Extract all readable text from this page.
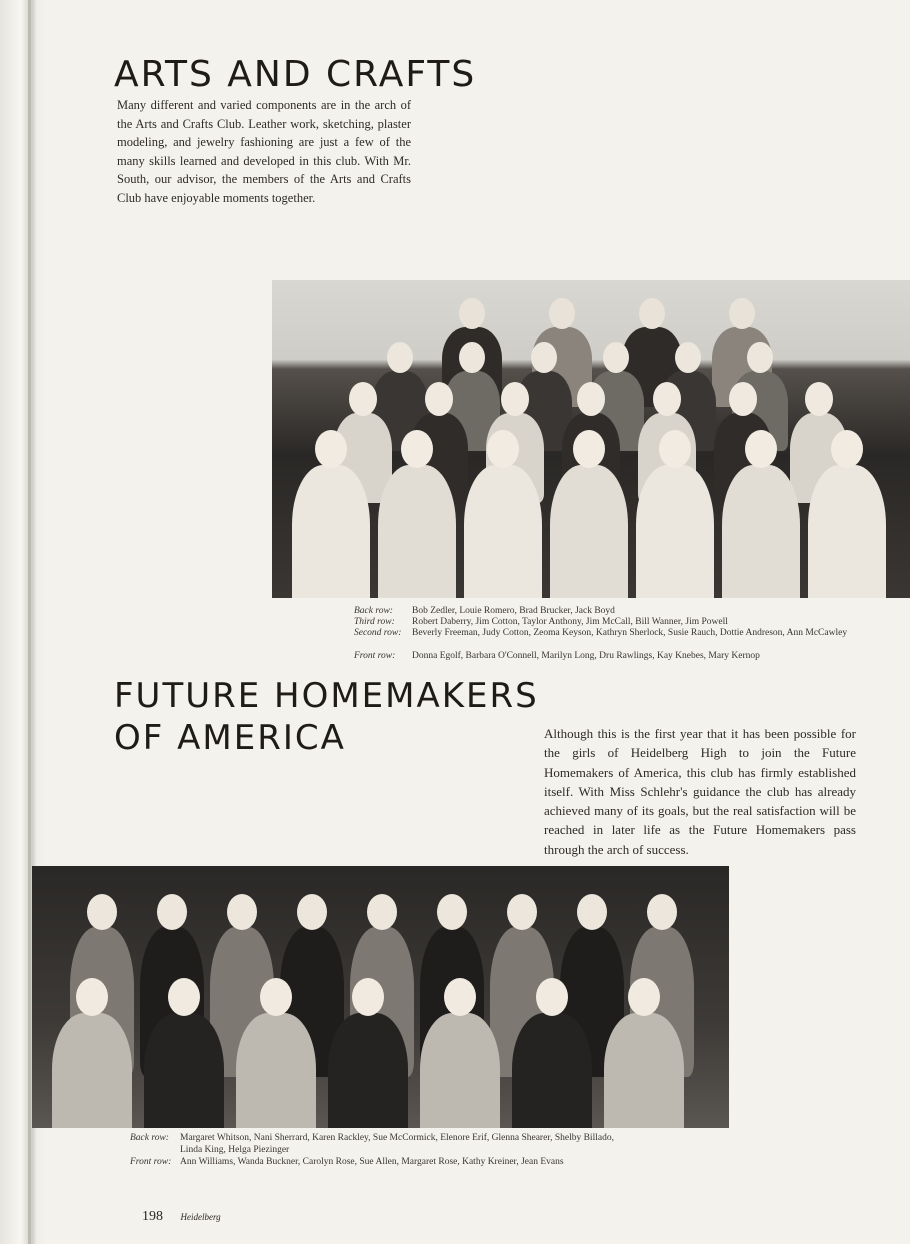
ARTS AND CRAFTS

Many different and varied components are in the arch of the Arts and Crafts Club. Leather work, sketching, plaster modeling, and jewelry fashioning are just a few of the many skills learned and developed in this club. With Mr. South, our advisor, the members of the Arts and Crafts Club have enjoyable moments together.

Back row: Bob Zedler, Louie Romero, Brad Brucker, Jack Boyd
Third row: Robert Daberry, Jim Cotton, Taylor Anthony, Jim McCall, Bill Wanner, Jim Powell
Second row: Beverly Freeman, Judy Cotton, Zeoma Keyson, Kathryn Sherlock, Susie Rauch, Dottie Andreson, Ann McCawley
Front row: Donna Egolf, Barbara O'Connell, Marilyn Long, Dru Rawlings, Kay Knebes, Mary Kernop
FUTURE HOMEMAKERS
OF AMERICA	Although this is the first year that it has been possible for the girls of Heidelberg High to join the Future Homemakers of America, this club has firmly established itself. With Miss Schlehr's guidance the club has already achieved many of its goals, but the real satisfaction will be reached in later life as the Future Homemakers pass through the arch of success.

Back row: Margaret Whitson, Nani Sherrard, Karen Rackley, Sue McCormick, Elenore Erif, Glenna Shearer, Shelby Billado, Linda King, Helga Piezinger
Front row: Ann Williams, Wanda Buckner, Carolyn Rose, Sue Allen, Margaret Rose, Kathy Kreiner, Jean Evans
198 Heidelberg
